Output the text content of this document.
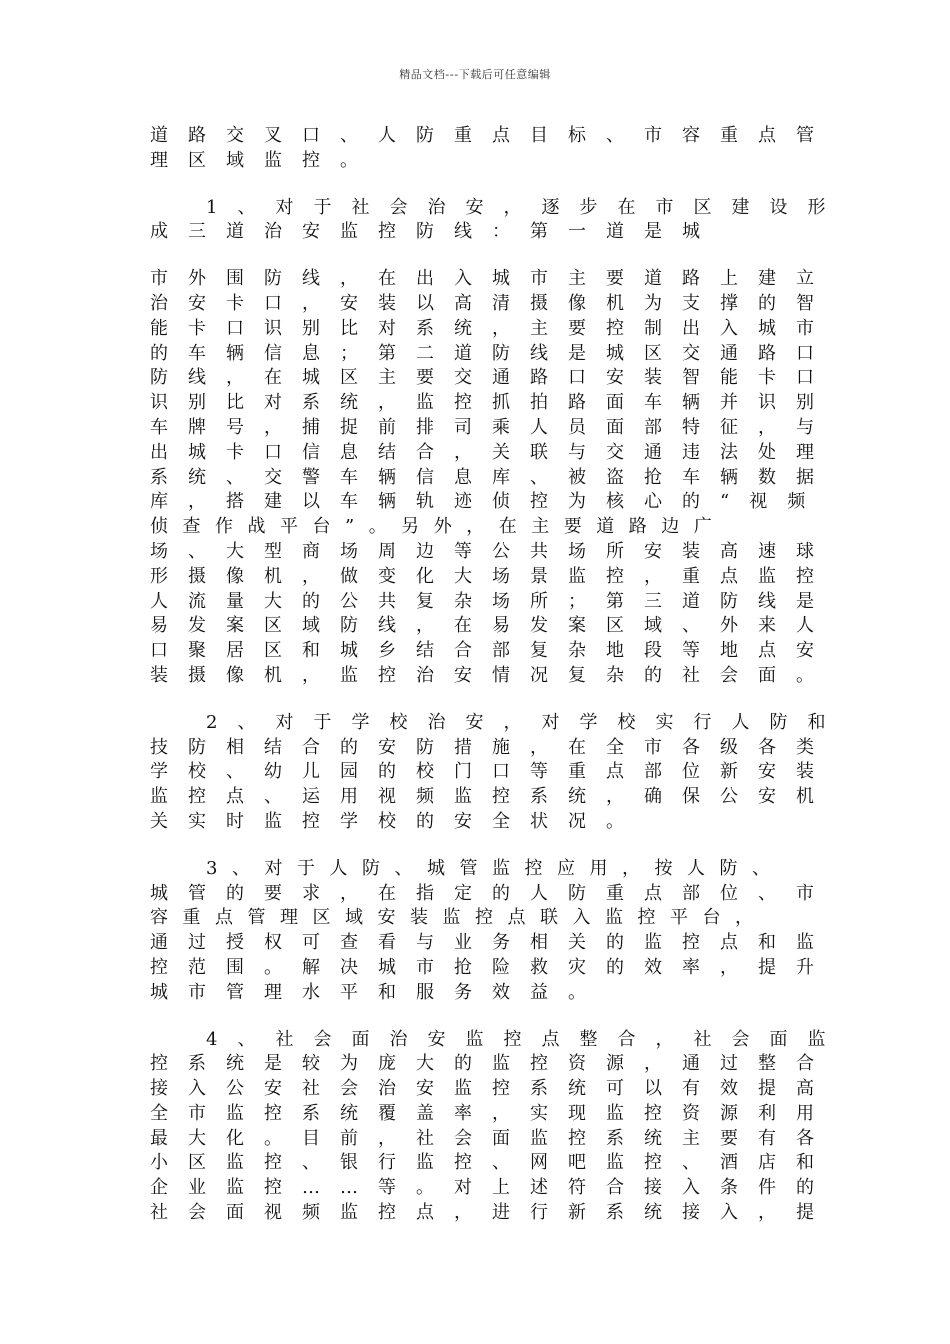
精品文档---下载后可任意编辑
道路交叉口、人防重点目标、市容重点管
理区域监控。
1、对于社会治安，逐步在市区建设形
成三道治安监控防线：第一道是城
市外围防线，在出入城市主要道路上建立
治安卡口，安装以高清摄像机为支撑的智
能卡口识别比对系统，主要控制出入城市
的车辆信息；第二道防线是城区交通路口
防线，在城区主要交通路口安装智能卡口
识别比对系统，监控抓拍路面车辆并识别
车牌号，捕捉前排司乘人员面部特征，与
出城卡口信息结合，关联与交通违法处理
系统、交警车辆信息库、被盗抢车辆数据
库，搭建以车辆轨迹侦控为核心的“视频
侦查作战平台”。另外，在主要道路边广
场、大型商场周边等公共场所安装高速球
形摄像机，做变化大场景监控，重点监控
人流量大的公共复杂场所；第三道防线是
易发案区域防线，在易发案区域、外来人
口聚居区和城乡结合部复杂地段等地点安
装摄像机，监控治安情况复杂的社会面。
2、对于学校治安，对学校实行人防和
技防相结合的安防措施，在全市各级各类
学校、幼儿园的校门口等重点部位新安装
监控点、运用视频监控系统，确保公安机
关实时监控学校的安全状况。
3、对于人防、城管监控应用，按人防、
城管的要求，在指定的人防重点部位、市
容重点管理区域安装监控点联入监控平台，
通过授权可查看与业务相关的监控点和监
控范围。解决城市抢险救灾的效率，提升
城市管理水平和服务效益。
4、社会面治安监控点整合，社会面监
控系统是较为庞大的监控资源，通过整合
接入公安社会治安监控系统可以有效提高
全市监控系统覆盖率，实现监控资源利用
最大化。目前，社会面监控系统主要有各
小区监控、银行监控、网吧监控、酒店和
企业监控……等。对上述符合接入条件的
社会面视频监控点，进行新系统接入，提
